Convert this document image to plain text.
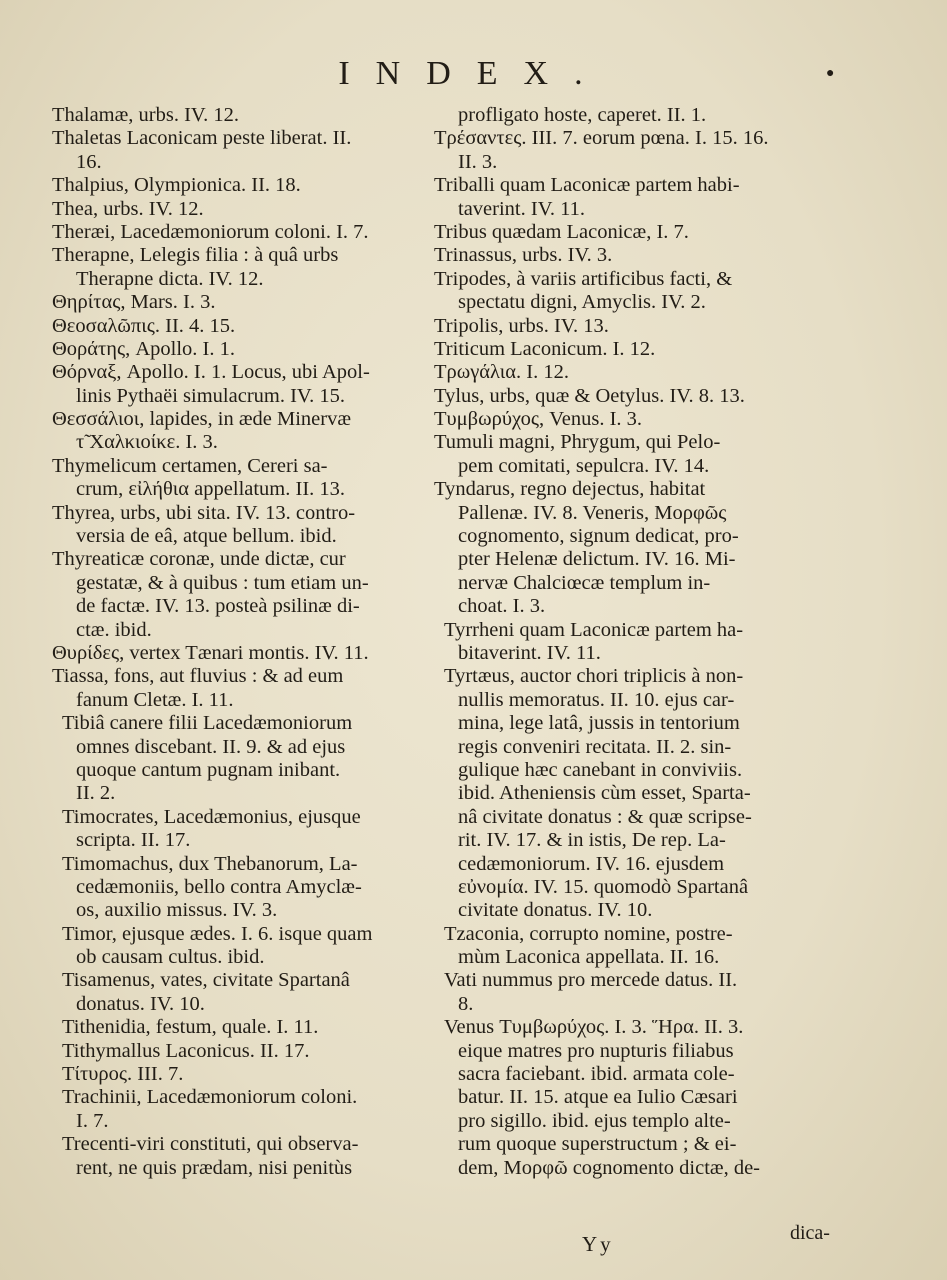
INDEX.	●
Thalamæ, urbs. IV. 12.
Thaletas Laconicam peste liberat. II.
16.
Thalpius, Olympionica. II. 18.
Thea, urbs. IV. 12.
Theræi, Lacedæmoniorum coloni. I. 7.
Therapne, Lelegis filia : à quâ urbs
Therapne dicta. IV. 12.
Θηρίτας, Mars. I. 3.
Θεοσαλῶπις. II. 4. 15.
Θοράτης, Apollo. I. 1.
Θόρναξ, Apollo. I. 1. Locus, ubi Apol-
linis Pythaëi simulacrum. IV. 15.
Θεσσάλιοι, lapides, in æde Minervæ
τ̃ Χαλκιοίκε. I. 3.
Thymelicum certamen, Cereri sa-
crum, εἰλήθια appellatum. II. 13.
Thyrea, urbs, ubi sita. IV. 13. contro-
versia de eâ, atque bellum. ibid.
Thyreaticæ coronæ, unde dictæ, cur
gestatæ, & à quibus : tum etiam un-
de factæ. IV. 13. posteà psilinæ di-
ctæ. ibid.
Θυρίδες, vertex Tænari montis. IV. 11.
Tiassa, fons, aut fluvius : & ad eum
fanum Cletæ. I. 11.
Tibiâ canere filii Lacedæmoniorum
omnes discebant. II. 9. & ad ejus
quoque cantum pugnam inibant.
II. 2.
Timocrates, Lacedæmonius, ejusque
scripta. II. 17.
Timomachus, dux Thebanorum, La-
cedæmoniis, bello contra Amyclæ-
os, auxilio missus. IV. 3.
Timor, ejusque ædes. I. 6. isque quam
ob causam cultus. ibid.
Tisamenus, vates, civitate Spartanâ
donatus. IV. 10.
Tithenidia, festum, quale. I. 11.
Tithymallus Laconicus. II. 17.
Τίτυρος. III. 7.
Trachinii, Lacedæmoniorum coloni.
I. 7.
Trecenti-viri constituti, qui observa-
rent, ne quis prædam, nisi penitùs
profligato hoste, caperet. II. 1.
Τρέσαντες. III. 7. eorum pœna. I. 15. 16.
II. 3.
Triballi quam Laconicæ partem habi-
taverint. IV. 11.
Tribus quædam Laconicæ, I. 7.
Trinassus, urbs. IV. 3.
Tripodes, à variis artificibus facti, &
spectatu digni, Amyclis. IV. 2.
Tripolis, urbs. IV. 13.
Triticum Laconicum. I. 12.
Τρωγάλια. I. 12.
Tylus, urbs, quæ & Oetylus. IV. 8. 13.
Τυμβωρύχος, Venus. I. 3.
Tumuli magni, Phrygum, qui Pelo-
pem comitati, sepulcra. IV. 14.
Tyndarus, regno dejectus, habitat
Pallenæ. IV. 8. Veneris, Μορφῶς
cognomento, signum dedicat, pro-
pter Helenæ delictum. IV. 16. Mi-
nervæ Chalciœcæ templum in-
choat. I. 3.
Tyrrheni quam Laconicæ partem ha-
bitaverint. IV. 11.
Tyrtæus, auctor chori triplicis à non-
nullis memoratus. II. 10. ejus car-
mina, lege latâ, jussis in tentorium
regis conveniri recitata. II. 2. sin-
gulique hæc canebant in conviviis.
ibid. Atheniensis cùm esset, Sparta-
nâ civitate donatus : & quæ scripse-
rit. IV. 17. & in istis, De rep. La-
cedæmoniorum. IV. 16. ejusdem
εὐνομία. IV. 15. quomodò Spartanâ
civitate donatus. IV. 10.
Tzaconia, corrupto nomine, postre-
mùm Laconica appellata. II. 16.
Vati nummus pro mercede datus. II.
8.
Venus Τυμβωρύχος. I. 3. Ἥρα. II. 3.
eique matres pro nupturis filiabus
sacra faciebant. ibid. armata cole-
batur. II. 15. atque ea Iulio Cæsari
pro sigillo. ibid. ejus templo alte-
rum quoque superstructum ; & ei-
dem, Μορφῶ cognomento dictæ, de-
Yy	dica-
